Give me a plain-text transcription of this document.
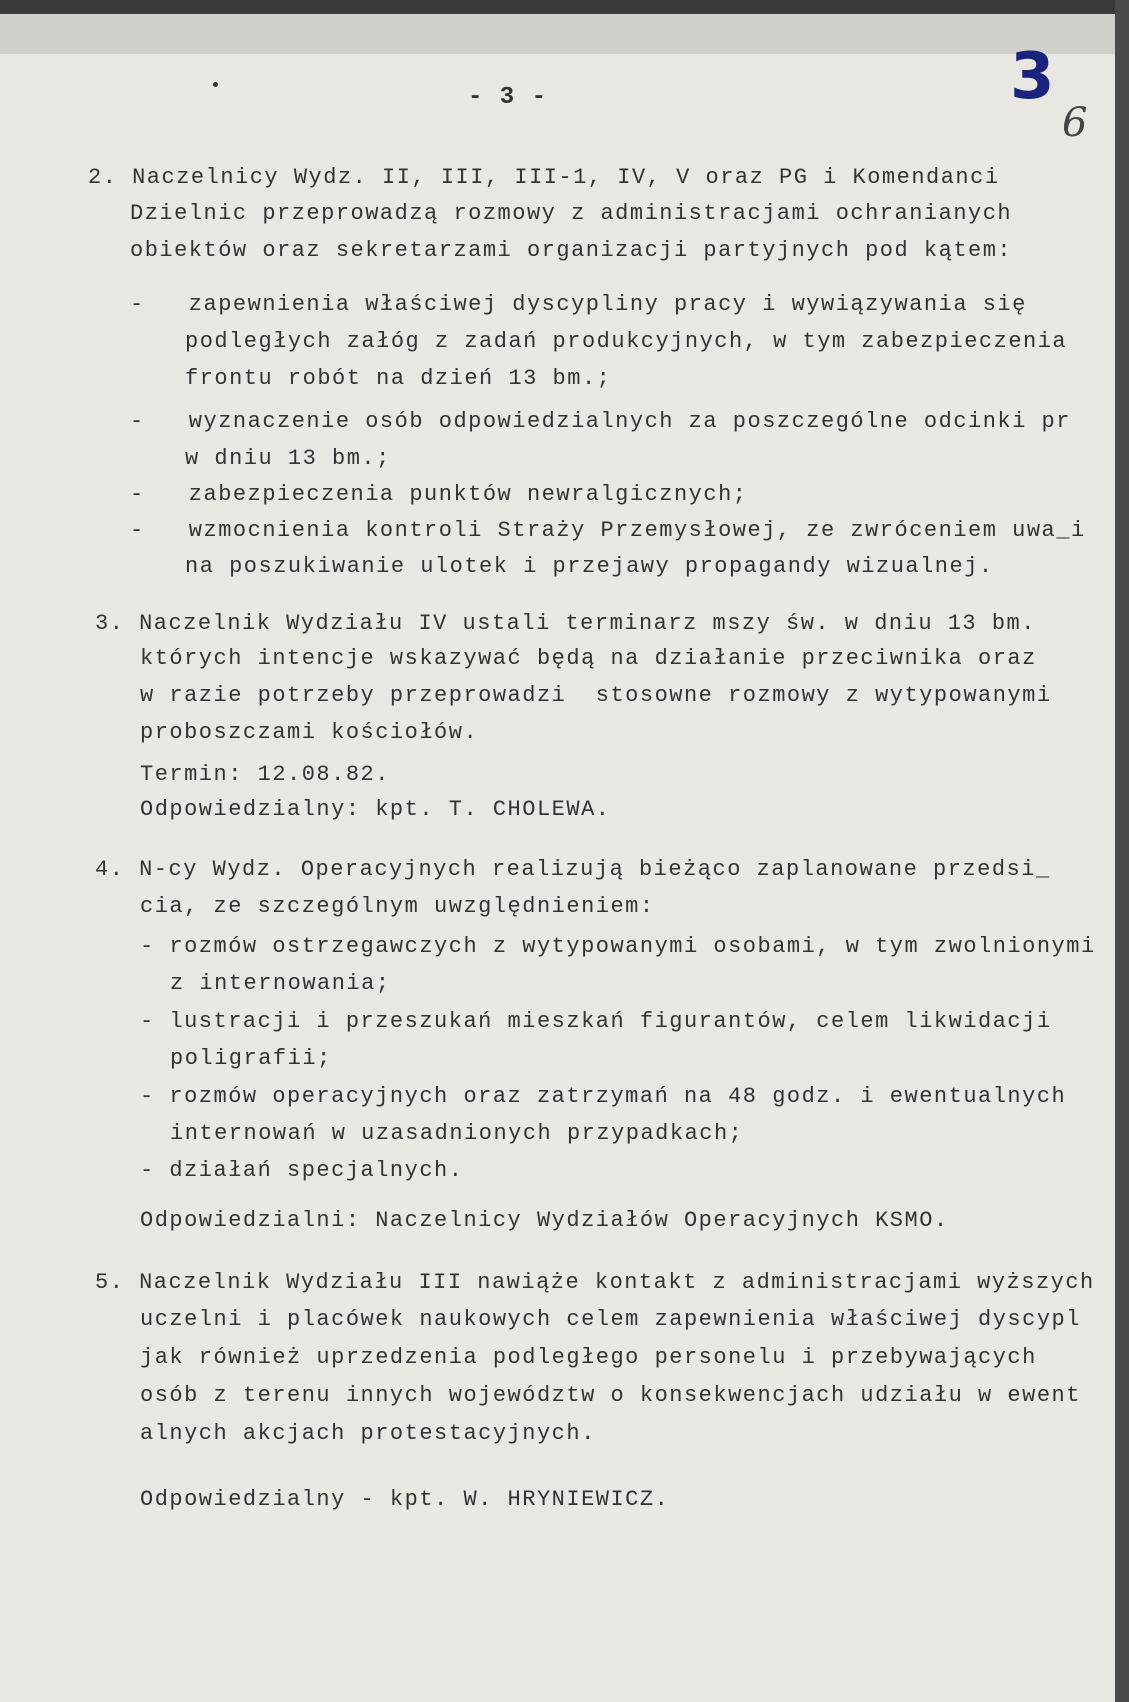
- 3 -	3
6
2. Naczelnicy Wydz. II, III, III-1, IV, V oraz PG i Komendanci
Dzielnic przeprowadzą rozmowy z administracjami ochranianych
obiektów oraz sekretarzami organizacji partyjnych pod kątem:
-   zapewnienia właściwej dyscypliny pracy i wywiązywania się
podległych załóg z zadań produkcyjnych, w tym zabezpieczenia
frontu robót na dzień 13 bm.;
-   wyznaczenie osób odpowiedzialnych za poszczególne odcinki pr
w dniu 13 bm.;
-   zabezpieczenia punktów newralgicznych;
-   wzmocnienia kontroli Straży Przemysłowej, ze zwróceniem uwa_i
na poszukiwanie ulotek i przejawy propagandy wizualnej.
3. Naczelnik Wydziału IV ustali terminarz mszy św. w dniu 13 bm.
których intencje wskazywać będą na działanie przeciwnika oraz
w razie potrzeby przeprowadzi  stosowne rozmowy z wytypowanymi
proboszczami kościołów.
Termin: 12.08.82.
Odpowiedzialny: kpt. T. CHOLEWA.
4. N-cy Wydz. Operacyjnych realizują bieżąco zaplanowane przedsi_
cia, ze szczególnym uwzględnieniem:
- rozmów ostrzegawczych z wytypowanymi osobami, w tym zwolnionymi
z internowania;
- lustracji i przeszukań mieszkań figurantów, celem likwidacji
poligrafii;
- rozmów operacyjnych oraz zatrzymań na 48 godz. i ewentualnych
internowań w uzasadnionych przypadkach;
- działań specjalnych.
Odpowiedzialni: Naczelnicy Wydziałów Operacyjnych KSMO.
5. Naczelnik Wydziału III nawiąże kontakt z administracjami wyższych
uczelni i placówek naukowych celem zapewnienia właściwej dyscypl
jak również uprzedzenia podległego personelu i przebywających
osób z terenu innych województw o konsekwencjach udziału w ewent
alnych akcjach protestacyjnych.
Odpowiedzialny - kpt. W. HRYNIEWICZ.
